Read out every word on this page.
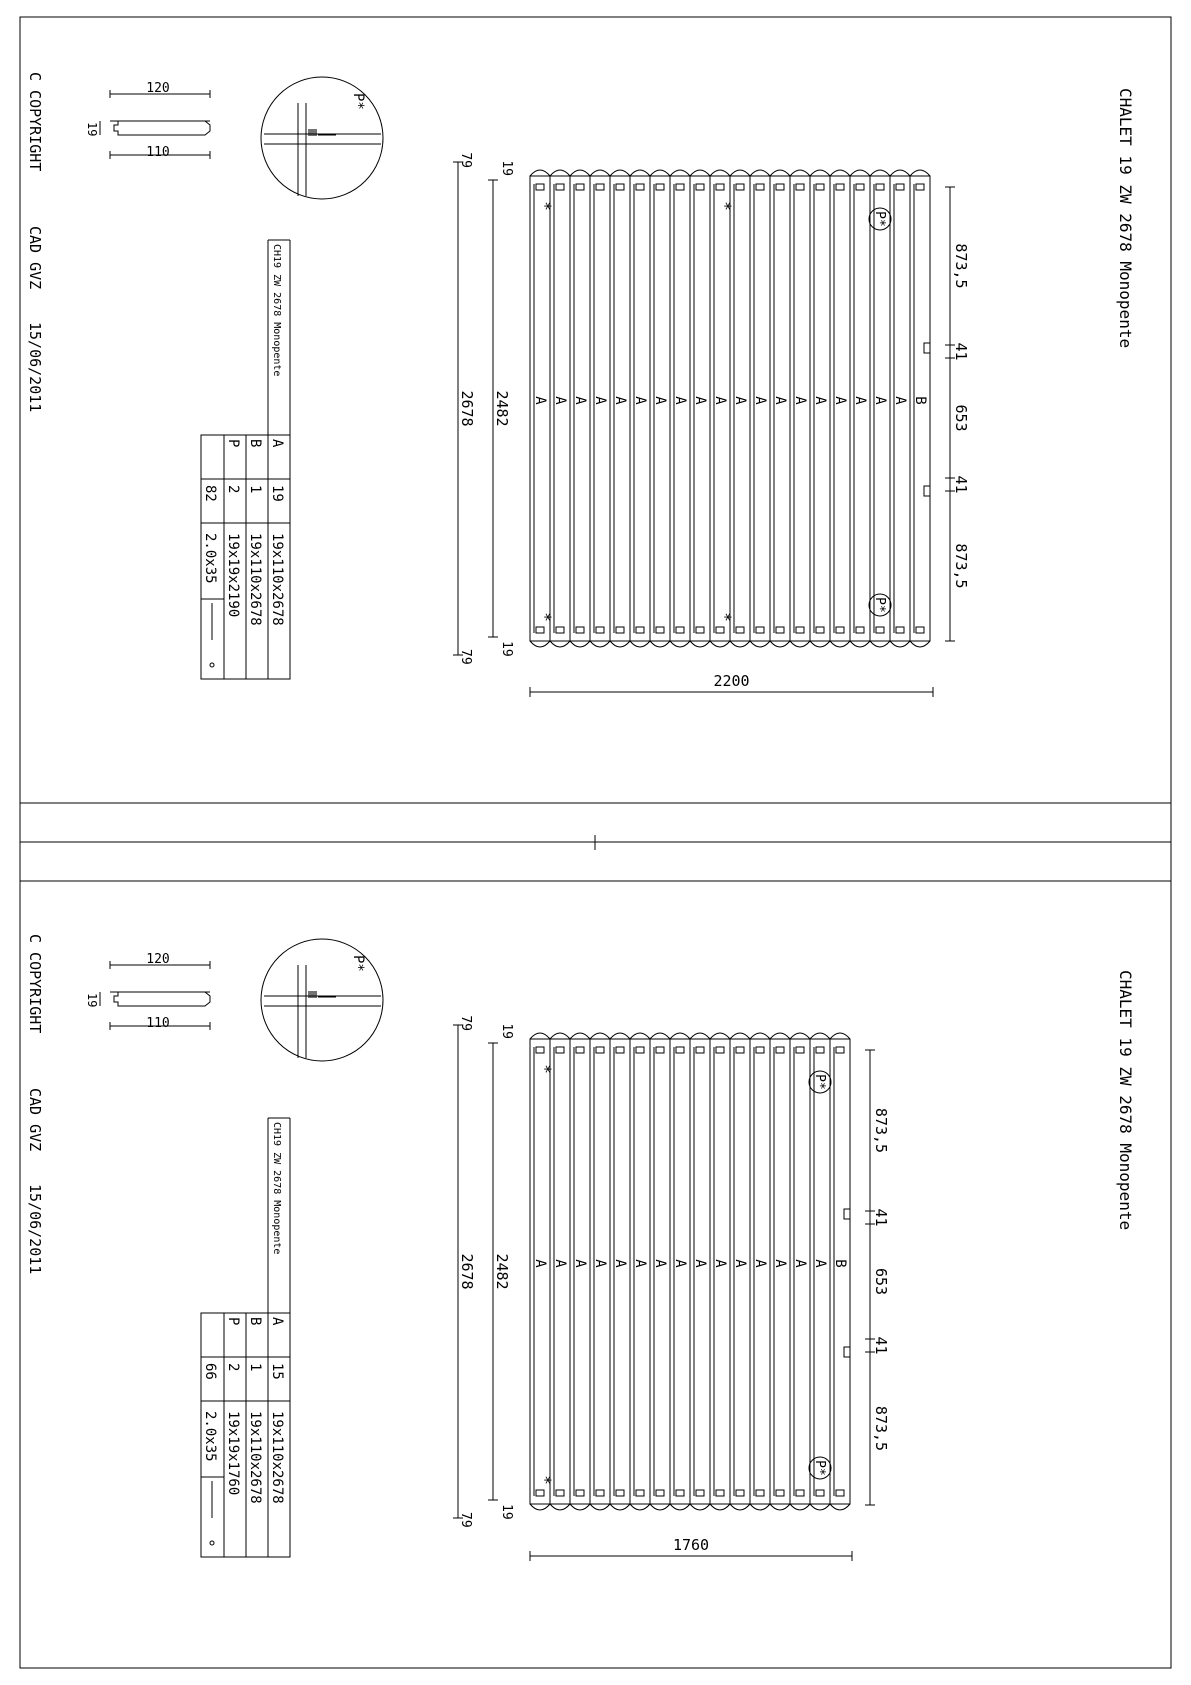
CHALET 19 ZW 2678 Monopente
C COPYRIGHT
CAD GVZ
15/06/2011
120
110
19
P*
CH19 ZW 2678 Monopente
A
19
19x110x2678
B
1
19x110x2678
P
2
19x19x2190
82
2.0x35
A A A A A A A A A A A A A A A A A A A B
*
*
*
*
P*
P*
2678 2482
79
79
19
19
2200
873,5
41
653
41
873,5
CHALET 19 ZW 2678 Monopente
C COPYRIGHT
CAD GVZ
15/06/2011
120
110
19
P*
CH19 ZW 2678 Monopente
A
15
19x110x2678
B
1
19x110x2678
P
2
19x19x1760
66
2.0x35
A A A A A A A A A A A A A A A B
*
*
P*
P*
2678 2482
79
79
19
19
1760
873,5
41
653
41
873,5
